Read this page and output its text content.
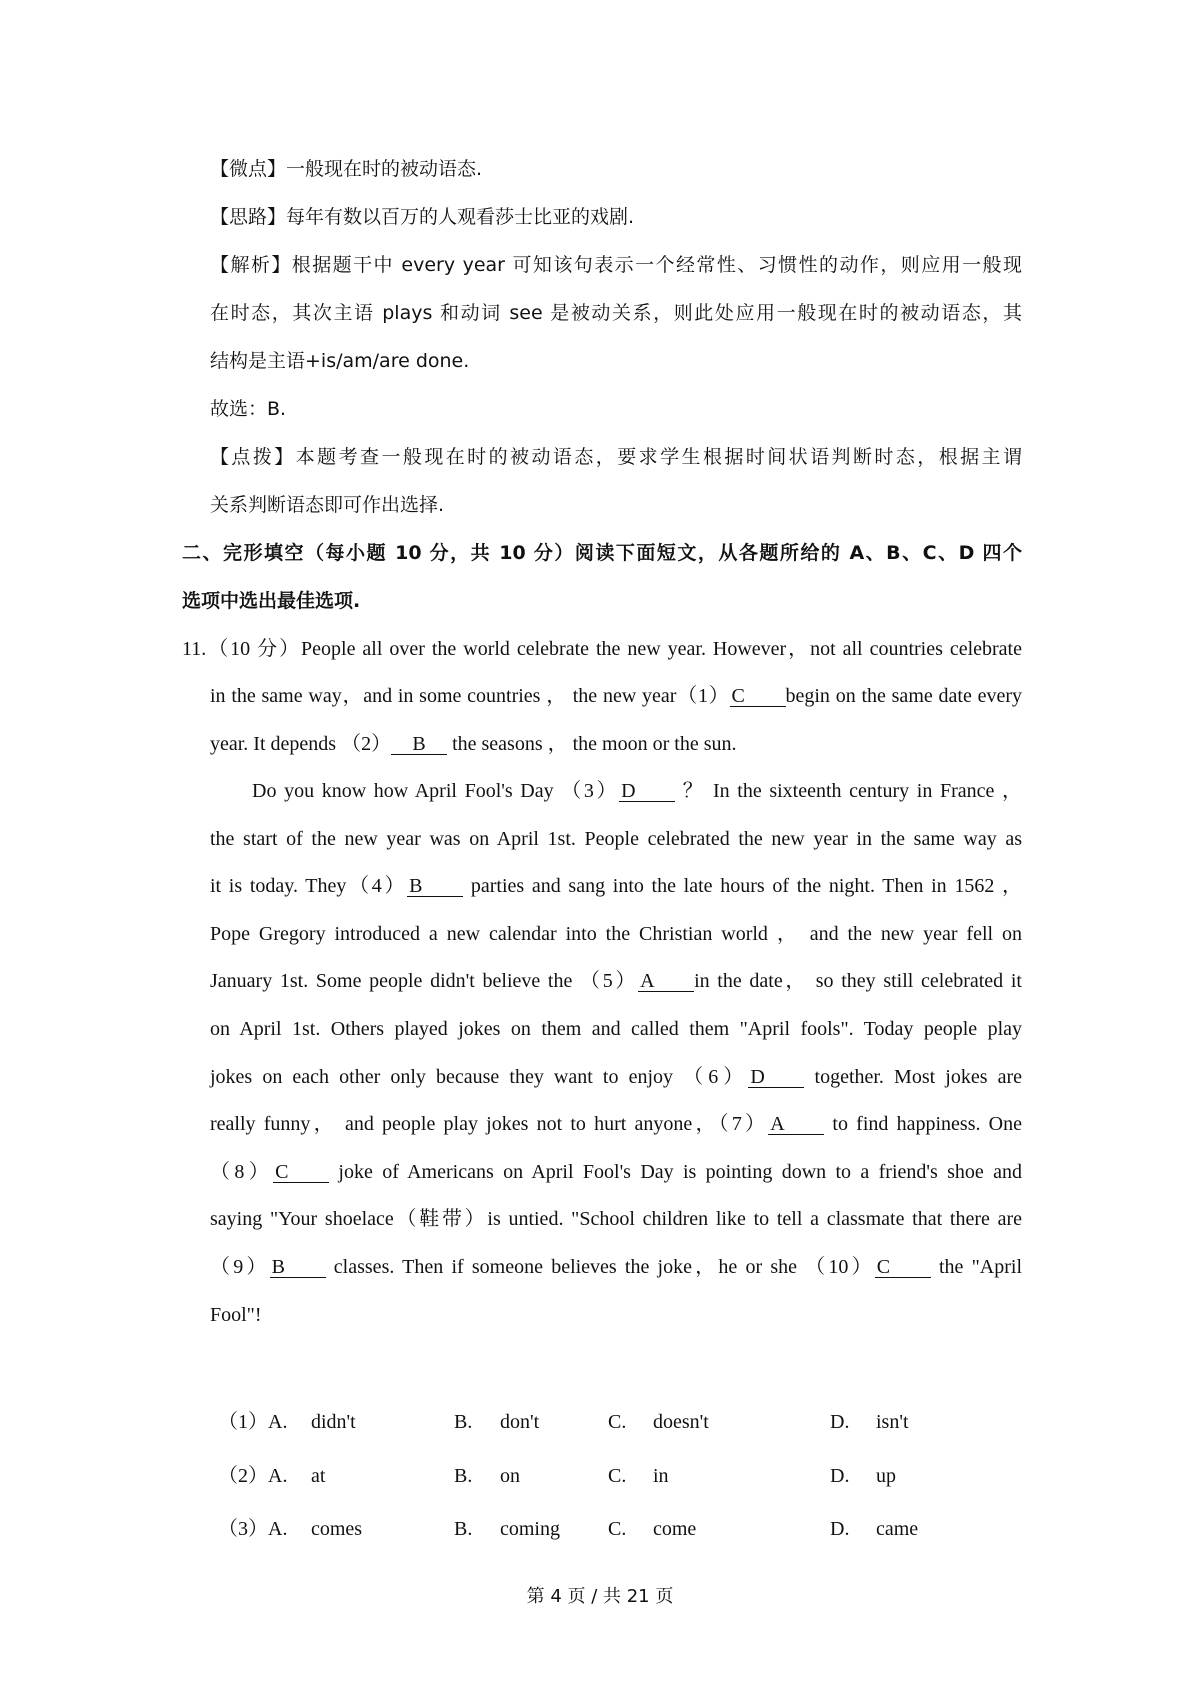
【微点】一般现在时的被动语态.
【思路】每年有数以百万的人观看莎士比亚的戏剧.
【解析】根据题干中 every year 可知该句表示一个经常性、习惯性的动作，则应用一般现
在时态，其次主语 plays 和动词 see 是被动关系，则此处应用一般现在时的被动语态，其
结构是主语+is/am/are done.
故选：B.
【点拨】本题考查一般现在时的被动语态，要求学生根据时间状语判断时态，根据主谓
关系判断语态即可作出选择.
二、完形填空（每小题 10 分，共 10 分）阅读下面短文，从各题所给的 A、B、C、D 四个
选项中选出最佳选项.
11.（10 分）People all over the world celebrate the new year. However，not all countries celebrate
in the same way，and in some countries ， the new year（1） C begin on the same date every
year. It depends （2） B the seasons ， the moon or the sun.
Do you know how April Fool's Day （3） D ？ In the sixteenth century in France ，
the start of the new year was on April 1st. People celebrated the new year in the same way as
it is today. They（4） B parties and sang into the late hours of the night. Then in 1562 ，
Pope Gregory introduced a new calendar into the Christian world ， and the new year fell on
January 1st. Some people didn't believe the （5） A in the date， so they still celebrated it
on April 1st. Others played jokes on them and called them "April fools". Today people play
jokes on each other only because they want to enjoy （6） D together. Most jokes are
really funny， and people play jokes not to hurt anyone，（7） A to find happiness. One
（8） C joke of Americans on April Fool's Day is pointing down to a friend's shoe and
saying "Your shoelace（鞋带）is untied. "School children like to tell a classmate that there are
（9） B classes. Then if someone believes the joke，he or she （10） C the "April
Fool"!
（1）A. didn't	B. don't	C. doesn't	D. isn't
（2）A. at	B. on	C. in	D. up
（3）A. comes	B. coming C. come	D. came
第 4 页 / 共 21 页
